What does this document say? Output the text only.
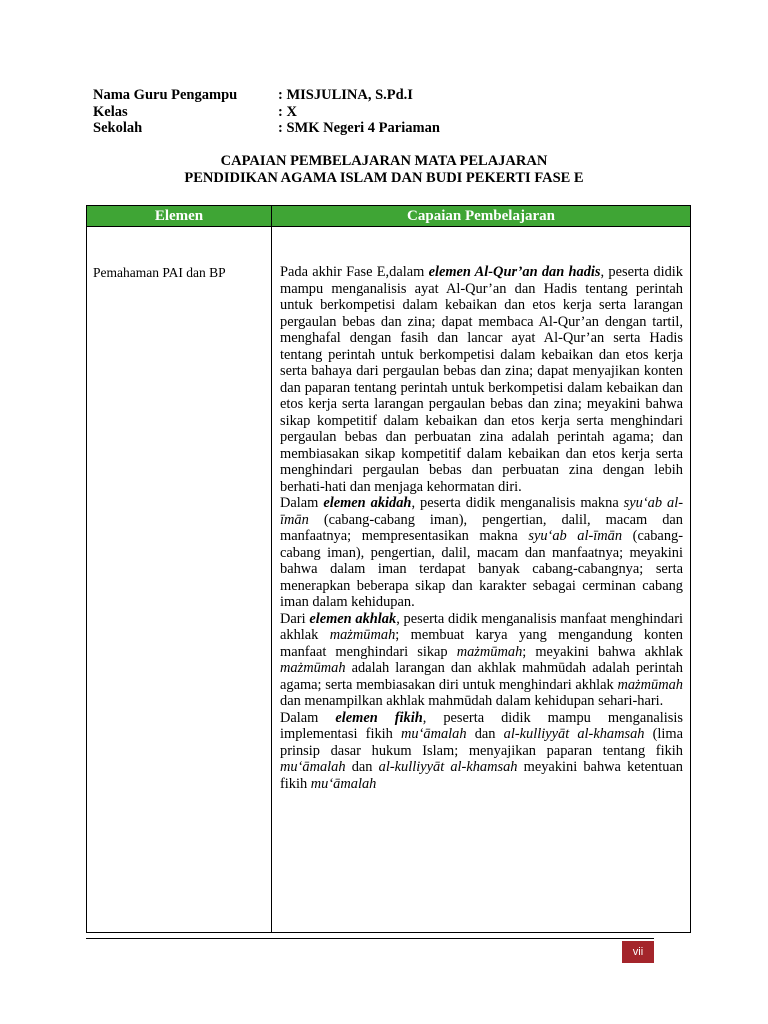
Nama Guru Pengampu	: MISJULINA, S.Pd.I
Kelas	: X
Sekolah	: SMK Negeri 4 Pariaman
CAPAIAN PEMBELAJARAN MATA PELAJARAN
PENDIDIKAN AGAMA ISLAM DAN BUDI PEKERTI FASE E
Elemen	Capaian Pembelajaran
Pemahaman PAI dan BP	Pada akhir Fase E,dalam elemen Al-Qur’an dan hadis, peserta didik mampu menganalisis ayat Al-Qur’an dan Hadis tentang perintah untuk berkompetisi dalam kebaikan dan etos kerja serta larangan pergaulan bebas dan zina; dapat membaca Al-Qur’an dengan tartil, menghafal dengan fasih dan lancar ayat Al-Qur’an serta Hadis tentang perintah untuk berkompetisi dalam kebaikan dan etos kerja serta bahaya dari pergaulan bebas dan zina; dapat menyajikan konten dan paparan tentang perintah untuk berkompetisi dalam kebaikan dan etos kerja serta larangan pergaulan bebas dan zina; meyakini bahwa sikap kompetitif dalam kebaikan dan etos kerja serta menghindari pergaulan bebas dan perbuatan zina adalah perintah agama; dan membiasakan sikap kompetitif dalam kebaikan dan etos kerja serta menghindari pergaulan bebas dan perbuatan zina dengan lebih berhati-hati dan menjaga kehormatan diri.

Dalam elemen akidah, peserta didik menganalisis makna syu‘ab al- īmān (cabang-cabang iman), pengertian, dalil, macam dan manfaatnya; mempresentasikan makna syu‘ab al-īmān (cabang-cabang iman), pengertian, dalil, macam dan manfaatnya; meyakini bahwa dalam iman terdapat banyak cabang-cabangnya; serta menerapkan beberapa sikap dan karakter sebagai cerminan cabang iman dalam kehidupan.

Dari elemen akhlak, peserta didik menganalisis manfaat menghindari akhlak mażmūmah; membuat karya yang mengandung konten manfaat menghindari sikap mażmūmah; meyakini bahwa akhlak mażmūmah adalah larangan dan akhlak mahmūdah adalah perintah agama; serta membiasakan diri untuk menghindari akhlak mażmūmah dan menampilkan akhlak mahmūdah dalam kehidupan sehari-hari.

Dalam elemen fikih, peserta didik mampu menganalisis implementasi fikih mu‘āmalah dan al-kulliyyāt al-khamsah (lima prinsip dasar hukum Islam; menyajikan paparan tentang fikih mu‘āmalah dan al-kulliyyāt al-khamsah meyakini bahwa ketentuan fikih mu‘āmalah

vii
